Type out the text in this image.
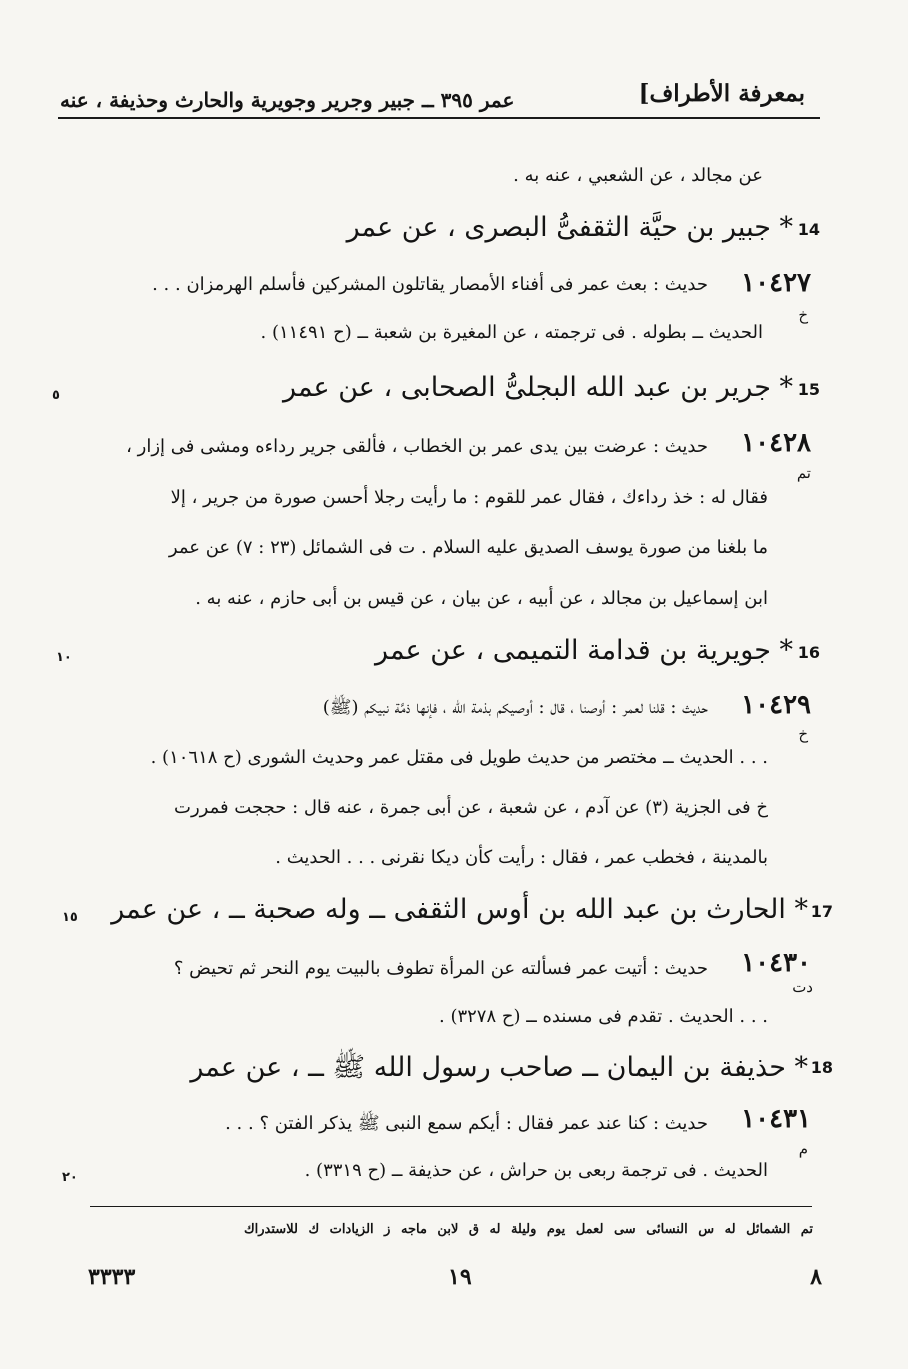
بمعرفة الأطراف]
عمر ٣٩٥ ــ جبير وجرير وجويرية والحارث وحذيفة ، عنه
عن مجالد ، عن الشعبي ، عنه به .
14
* جبير بن حيَّة الثقفىُّ البصرى ، عن عمر
١٠٤٢٧
خ
حديث : بعث عمر فى أفناء الأمصار يقاتلون المشركين فأسلم الهرمزان . . .
الحديث ــ بطوله . فى ترجمته ، عن المغيرة بن شعبة ــ (ح ١١٤٩١) .
15
* جرير بن عبد الله البجلىُّ الصحابى ، عن عمر
٥
١٠٤٢٨
تم
حديث : عرضت بين يدى عمر بن الخطاب ، فألقى جرير رداءه ومشى فى إزار ،
فقال له : خذ رداءك ، فقال عمر للقوم : ما رأيت رجلا أحسن صورة من جرير ، إلا
ما بلغنا من صورة يوسف الصديق عليه السلام . ت فى الشمائل (٢٣ : ٧) عن عمر
ابن إسماعيل بن مجالد ، عن أبيه ، عن بيان ، عن قيس بن أبى حازم ، عنه به .
16
* جويرية بن قدامة التميمى ، عن عمر
١٠
١٠٤٢٩
خ
حديث : قلنا لعمر : أوصنا ، قال : أوصيكم بذمة الله ، فإنها ذمَّة نبيكم (ﷺ)
. . . الحديث ــ مختصر من حديث طويل فى مقتل عمر وحديث الشورى (ح ١٠٦١٨) .
خ فى الجزية (٣) عن آدم ، عن شعبة ، عن أبى جمرة ، عنه قال : حججت فمررت
بالمدينة ، فخطب عمر ، فقال : رأيت كأن ديكا نقرنى . . . الحديث .
17
* الحارث بن عبد الله بن أوس الثقفى ــ وله صحبة ــ ، عن عمر
١٥
١٠٤٣٠
دت
حديث : أتيت عمر فسألته عن المرأة تطوف بالبيت يوم النحر ثم تحيض ؟
. . . الحديث . تقدم فى مسنده ــ (ح ٣٢٧٨) .
18
* حذيفة بن اليمان ــ صاحب رسول الله ﷺ ــ ، عن عمر
١٠٤٣١
م
حديث : كنا عند عمر فقال : أيكم سمع النبى ﷺ يذكر الفتن ؟ . . .
الحديث . فى ترجمة ربعى بن حراش ، عن حذيفة ــ (ح ٣٣١٩) .
٢٠
تم الشمائل له س النسائى سى لعمل يوم وليلة له ق لابن ماجه ز الزيادات ك للاستدراك
٣٣٣٣	١٩	٨
